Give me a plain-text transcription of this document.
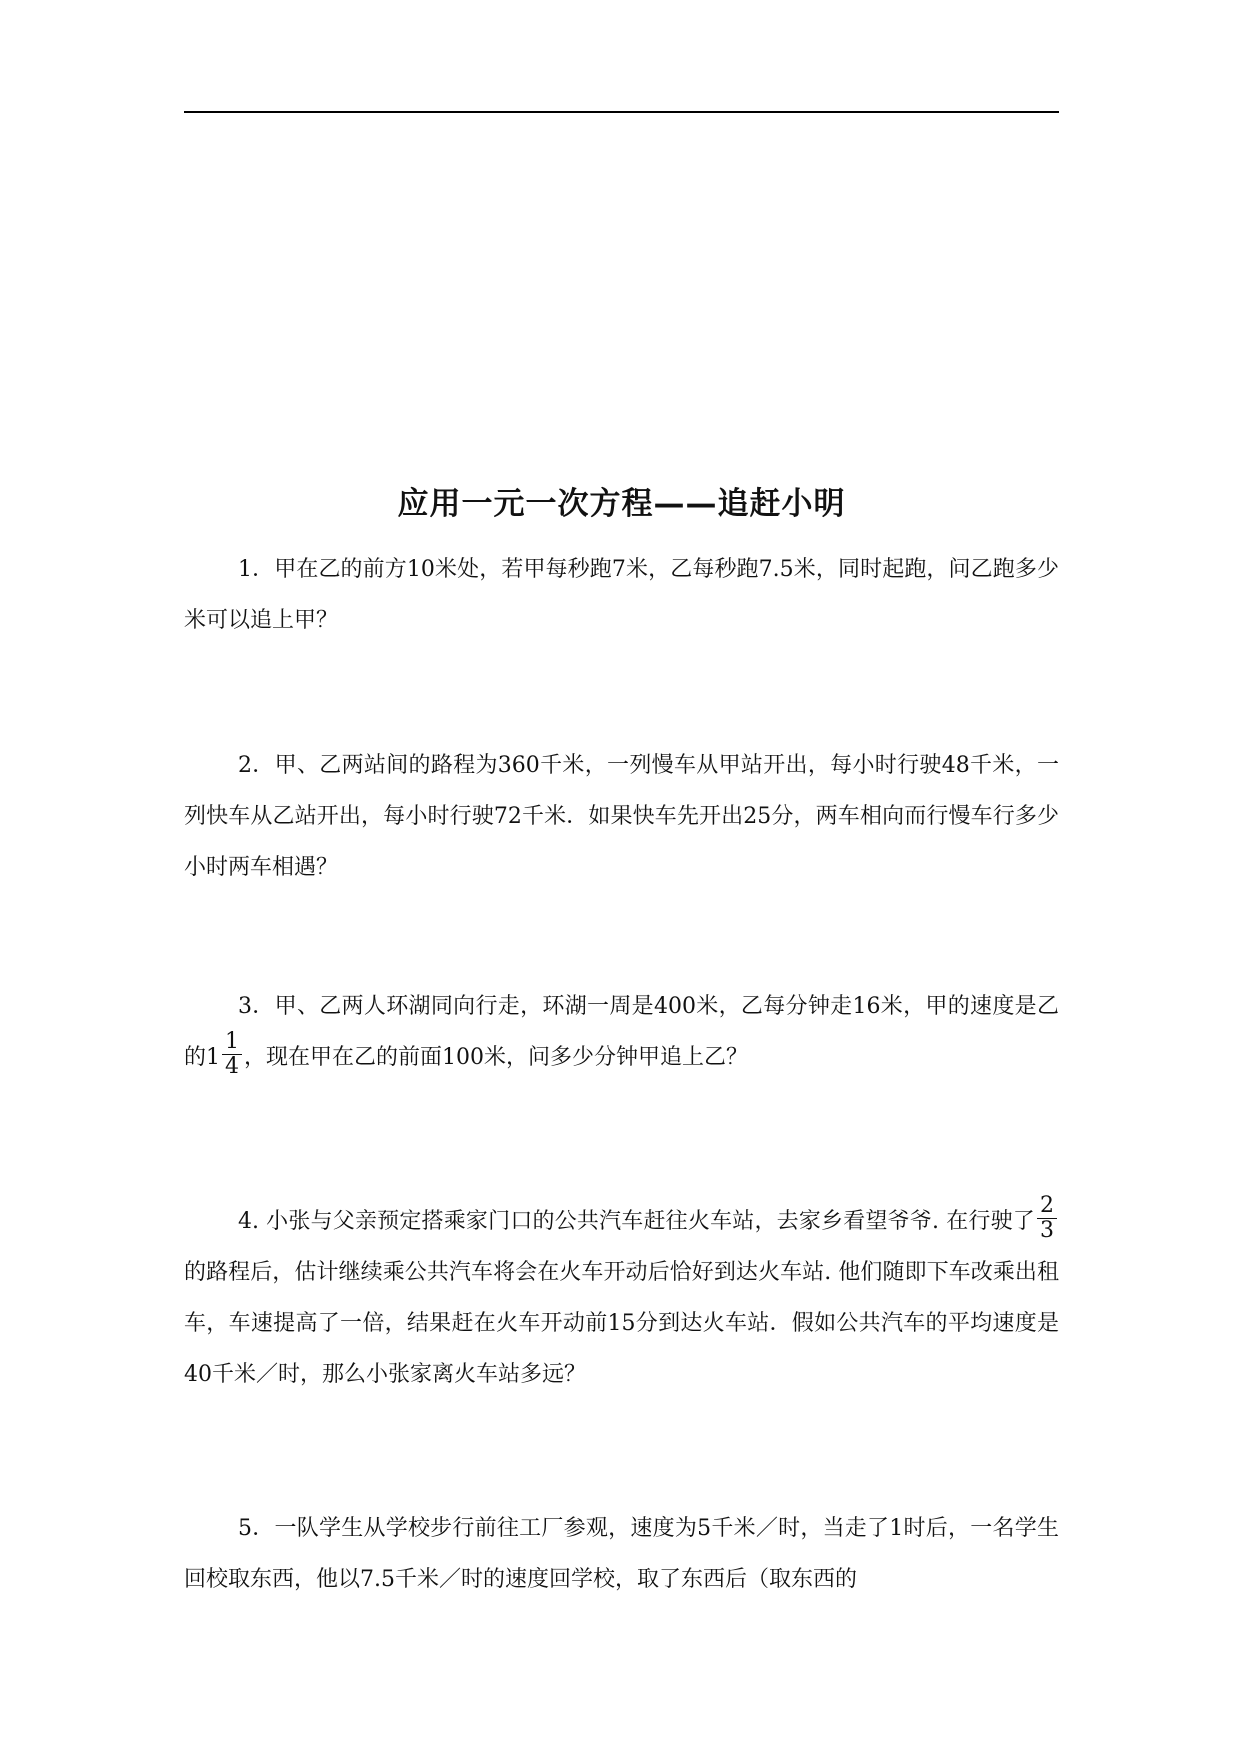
应用一元一次方程——追赶小明

1．甲在乙的前方10米处，若甲每秒跑7米，乙每秒跑7.5米，同时起跑，问乙跑多少米可以追上甲？

2．甲、乙两站间的路程为360千米，一列慢车从甲站开出，每小时行驶48千米，一列快车从乙站开出，每小时行驶72千米．如果快车先开出25分，两车相向而行慢车行多少小时两车相遇？

3．甲、乙两人环湖同向行走，环湖一周是400米，乙每分钟走16米，甲的速度是乙的$1 \frac{1}{4}$ ，现在甲在乙的前面100米，问多少分钟甲追上乙？

4. 小张与父亲预定搭乘家门口的公共汽车赶往火车站，去家乡看望爷爷. 在行驶了 $\frac{2}{3}$
的路程后，估计继续乘公共汽车将会在火车开动后恰好到达火车站. 他们随即下车改乘出租车，车速提高了一倍，结果赶在火车开动前15分到达火车站．假如公共汽车的平均速度是40千米／时，那么小张家离火车站多远？

5．一队学生从学校步行前往工厂参观，速度为5千米／时，当走了1时后，一名学生回校取东西，他以7.5千米／时的速度回学校，取了东西后（取东西的
